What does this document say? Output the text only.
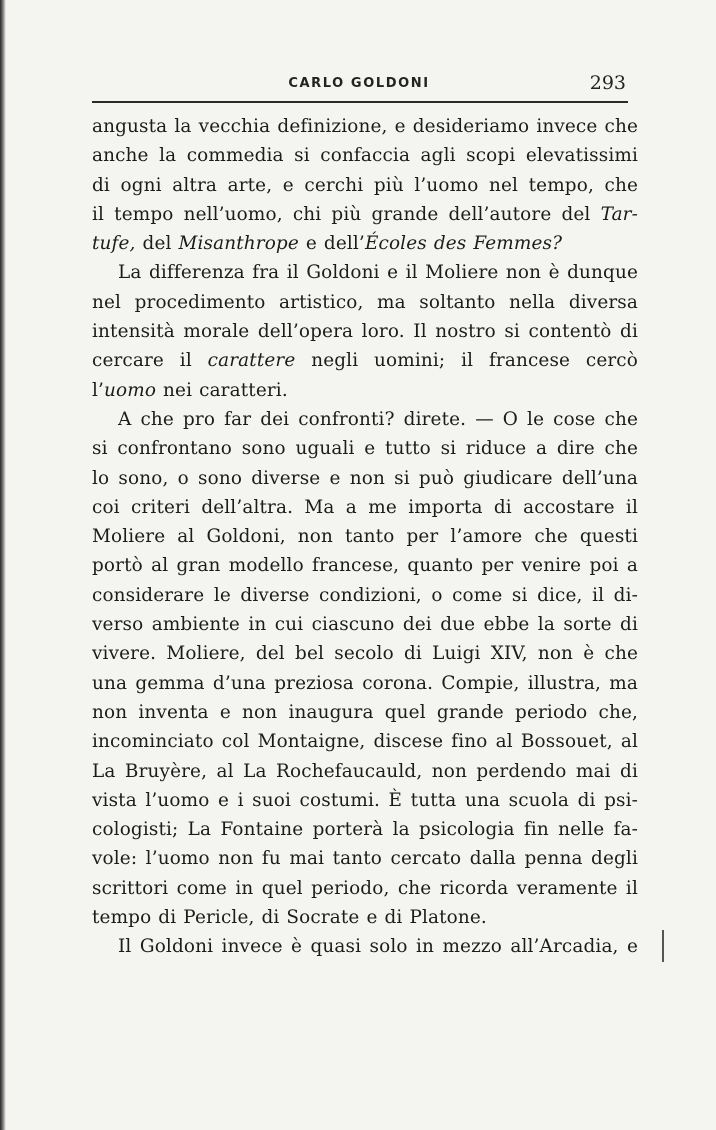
CARLO GOLDONI	293
angusta la vecchia definizione, e desideriamo invece che
anche la commedia si confaccia agli scopi elevatissimi
di ogni altra arte, e cerchi più l’uomo nel tempo, che
il tempo nell’uomo, chi più grande dell’autore del Tar-
tufe, del Misanthrope e dell’Écoles des Femmes?
La differenza fra il Goldoni e il Moliere non è dunque
nel procedimento artistico, ma soltanto nella diversa
intensità morale dell’opera loro. Il nostro si contentò di
cercare il carattere negli uomini; il francese cercò
l’uomo nei caratteri.
A che pro far dei confronti? direte. — O le cose che
si confrontano sono uguali e tutto si riduce a dire che
lo sono, o sono diverse e non si può giudicare dell’una
coi criteri dell’altra. Ma a me importa di accostare il
Moliere al Goldoni, non tanto per l’amore che questi
portò al gran modello francese, quanto per venire poi a
considerare le diverse condizioni, o come si dice, il di-
verso ambiente in cui ciascuno dei due ebbe la sorte di
vivere. Moliere, del bel secolo di Luigi XIV, non è che
una gemma d’una preziosa corona. Compie, illustra, ma
non inventa e non inaugura quel grande periodo che,
incominciato col Montaigne, discese fino al Bossouet, al
La Bruyère, al La Rochefaucauld, non perdendo mai di
vista l’uomo e i suoi costumi. È tutta una scuola di psi-
cologisti; La Fontaine porterà la psicologia fin nelle fa-
vole: l’uomo non fu mai tanto cercato dalla penna degli
scrittori come in quel periodo, che ricorda veramente il
tempo di Pericle, di Socrate e di Platone.
Il Goldoni invece è quasi solo in mezzo all’Arcadia, e
